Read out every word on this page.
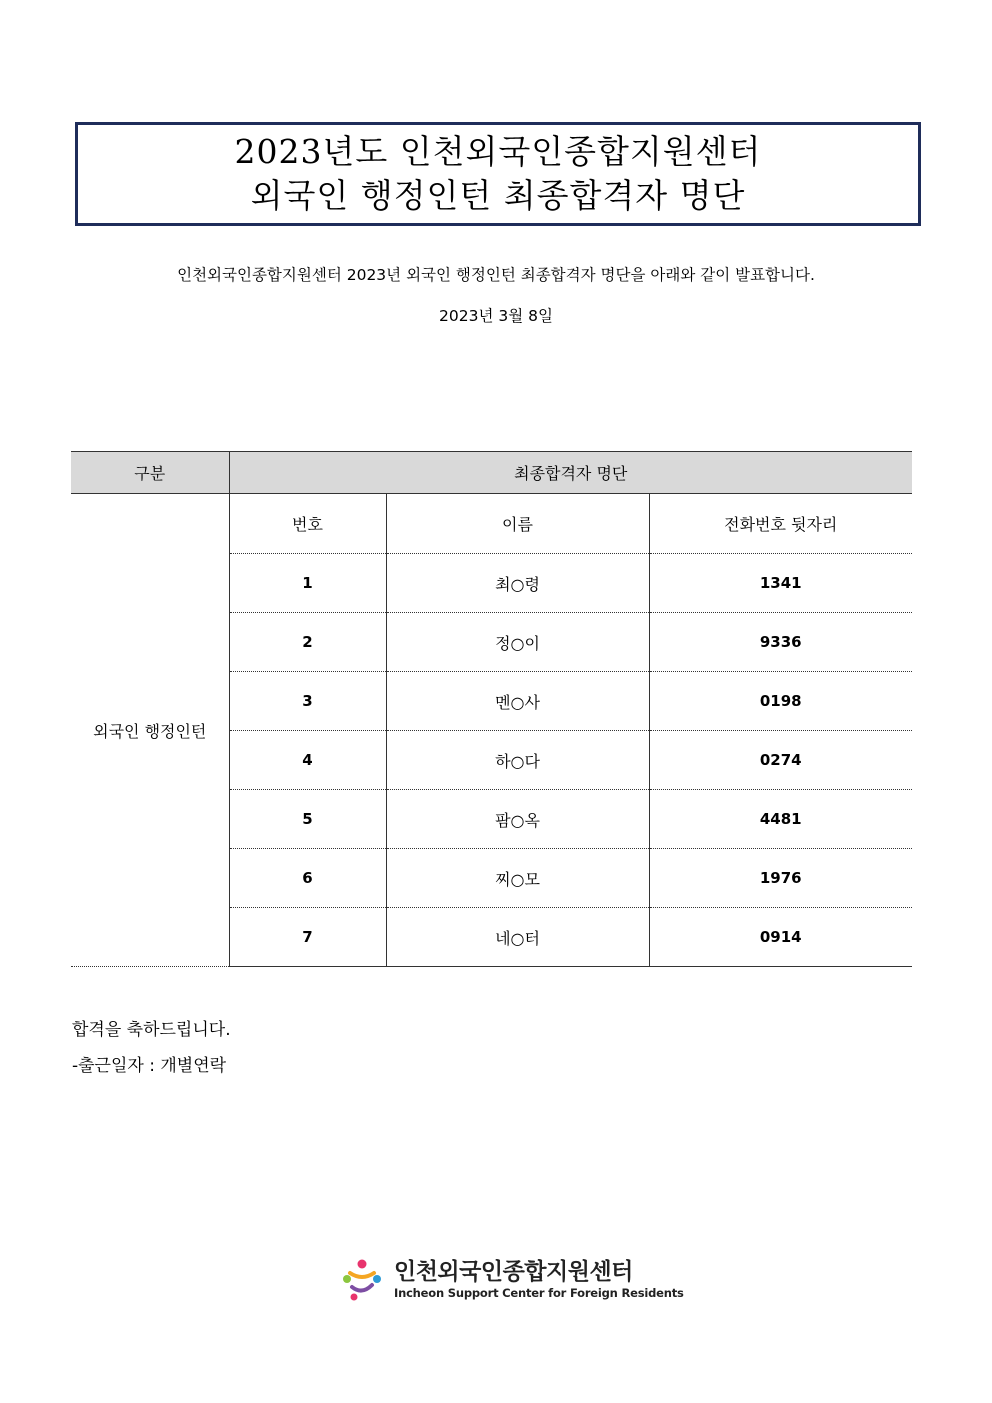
2023년도 인천외국인종합지원센터
외국인 행정인턴 최종합격자 명단
인천외국인종합지원센터 2023년 외국인 행정인턴 최종합격자 명단을 아래와 같이 발표합니다.
2023년 3월 8일
구분	최종합격자 명단		
외국인 행정인턴	번호	이름	전화번호 뒷자리
	1	최○령	1341
	2	정○이	9336
	3	멘○사	0198
	4	하○다	0274
	5	팜○옥	4481
	6	찌○모	1976
	7	네○터	0914
합격을 축하드립니다.
-출근일자 : 개별연락
인천외국인종합지원센터
Incheon Support Center for Foreign Residents
